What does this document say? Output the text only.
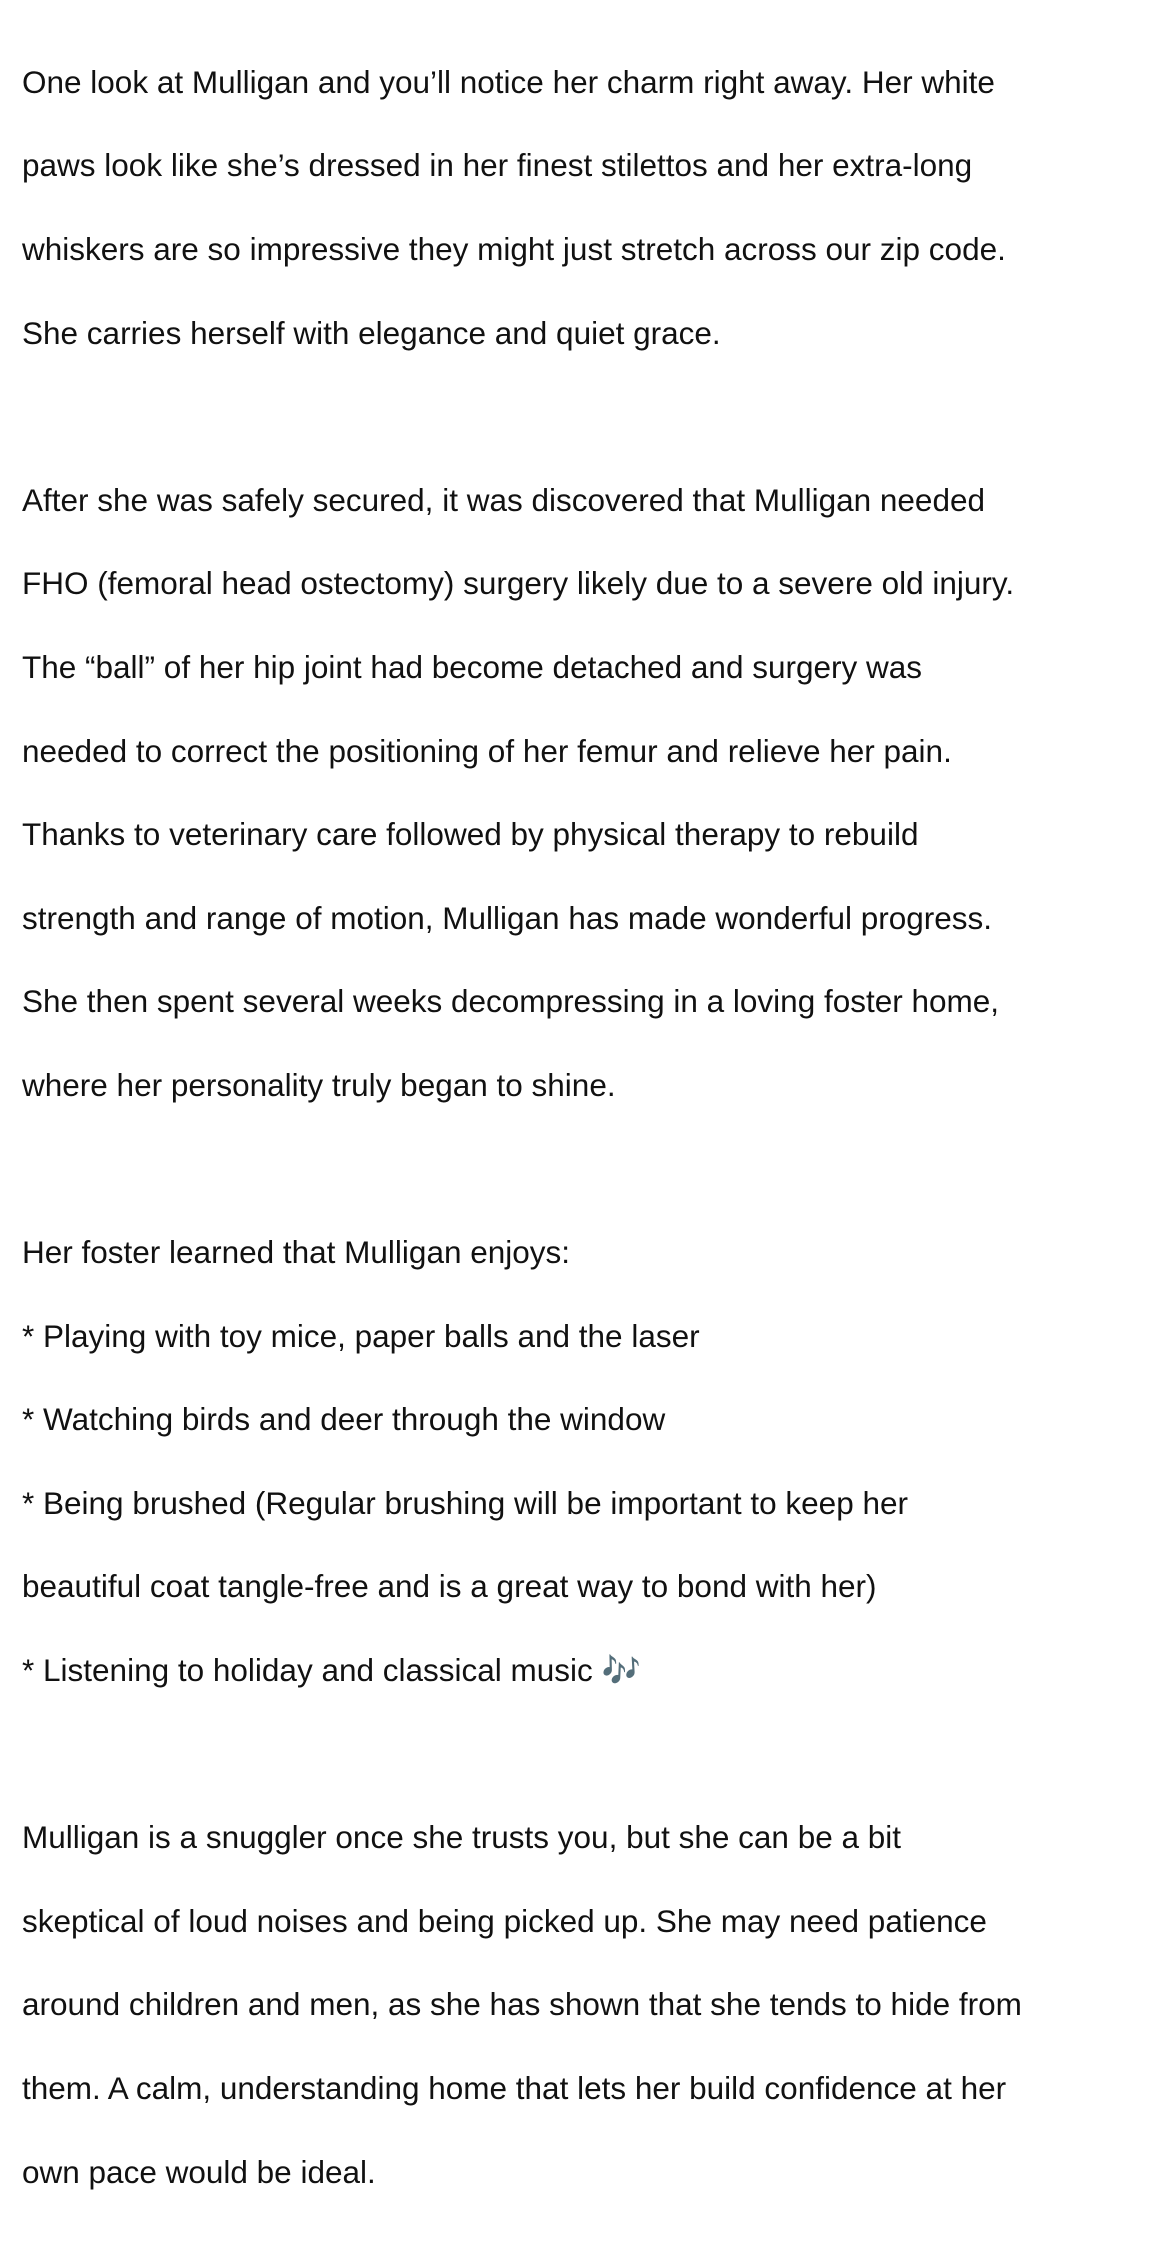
One look at Mulligan and you’ll notice her charm right away. Her white

paws look like she’s dressed in her finest stilettos and her extra-long

whiskers are so impressive they might just stretch across our zip code.

She carries herself with elegance and quiet grace.

After she was safely secured, it was discovered that Mulligan needed

FHO (femoral head ostectomy) surgery likely due to a severe old injury.

The “ball” of her hip joint had become detached and surgery was

needed to correct the positioning of her femur and relieve her pain.

Thanks to veterinary care followed by physical therapy to rebuild

strength and range of motion, Mulligan has made wonderful progress.

She then spent several weeks decompressing in a loving foster home,

where her personality truly began to shine.

Her foster learned that Mulligan enjoys:

* Playing with toy mice, paper balls and the laser

* Watching birds and deer through the window

* Being brushed (Regular brushing will be important to keep her

beautiful coat tangle-free and is a great way to bond with her)

* Listening to holiday and classical music 🎶

Mulligan is a snuggler once she trusts you, but she can be a bit

skeptical of loud noises and being picked up. She may need patience

around children and men, as she has shown that she tends to hide from

them. A calm, understanding home that lets her build confidence at her

own pace would be ideal.
